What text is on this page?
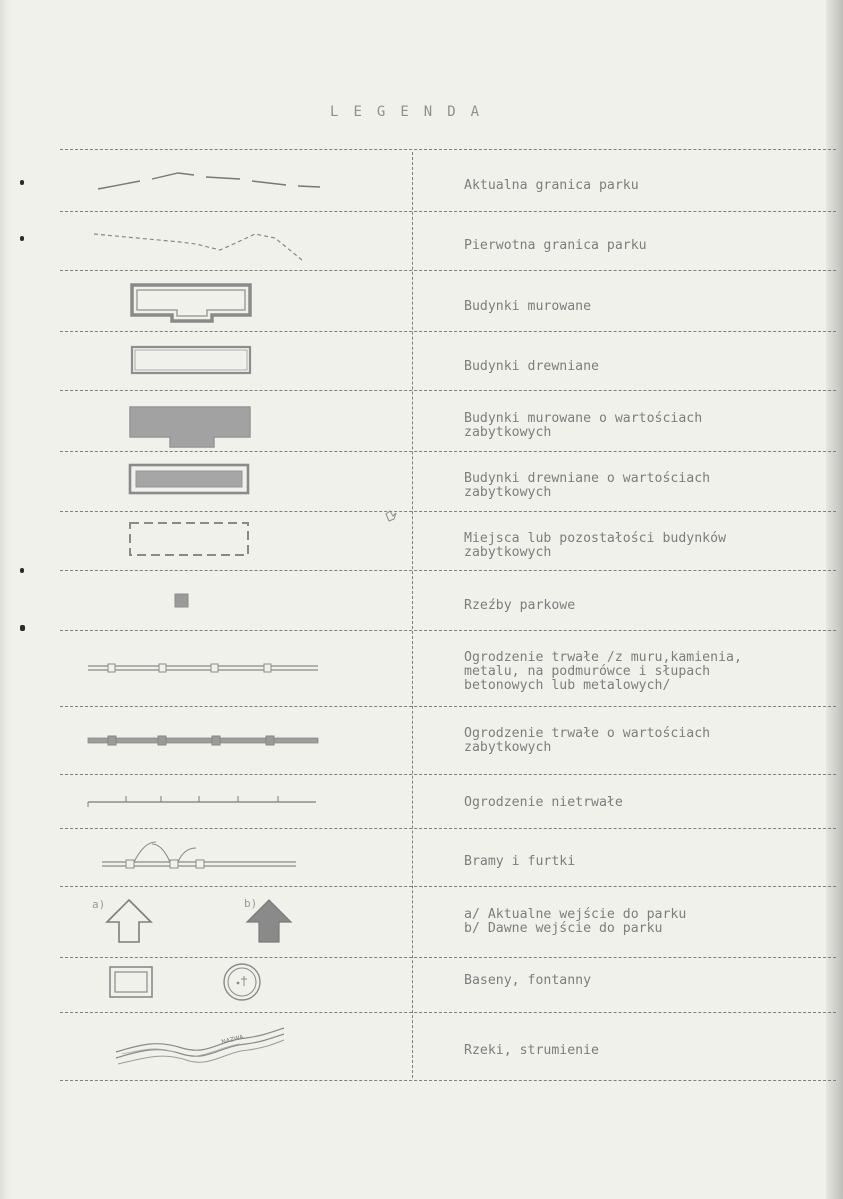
LEGENDA
Aktualna granica parku
Pierwotna granica parku
Budynki murowane
Budynki drewniane
Budynki murowane o wartościach
zabytkowych
Budynki drewniane o wartościach
zabytkowych
Miejsca lub pozostałości budynków
zabytkowych
Rzeźby parkowe
Ogrodzenie trwałe /z muru,kamienia,
metalu, na podmurówce i słupach
betonowych lub metalowych/
Ogrodzenie trwałe o wartościach
zabytkowych
Ogrodzenie nietrwałe
Bramy i furtki
a)	b)
a/ Aktualne wejście do parku
b/ Dawne wejście do parku
Baseny, fontanny
NAZWA
Rzeki, strumienie
